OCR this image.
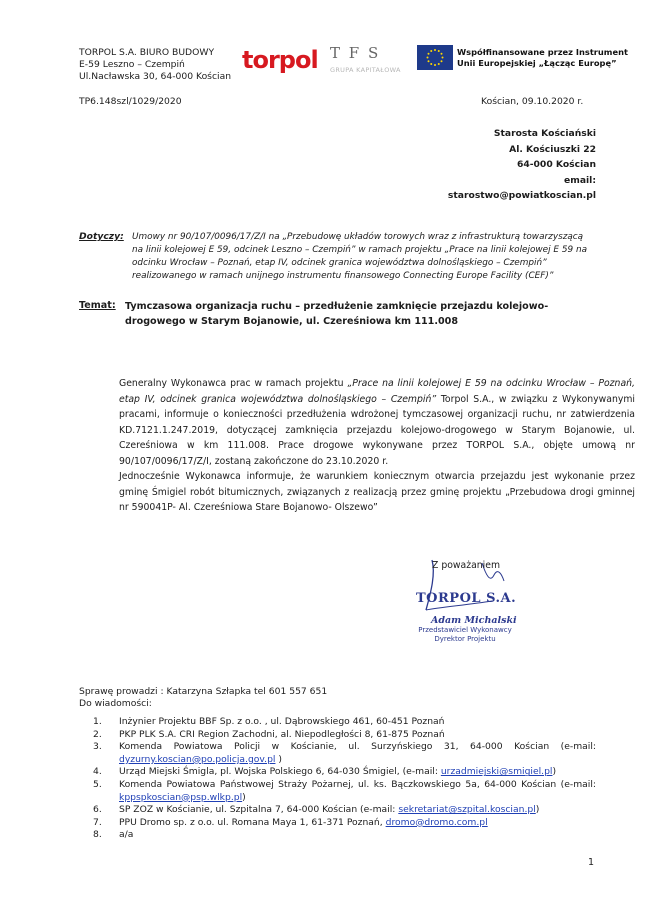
TORPOL S.A. BIURO BUDOWY
E-59 Leszno – Czempiń
Ul.Nacławska 30, 64-000 Kościan
torpol T F S
GRUPA KAPITAŁOWA
Współfinansowane przez Instrument
Unii Europejskiej „Łącząc Europę”
TP6.148szl/1029/2020	Kościan, 09.10.2020 r.
Starosta Kościański
Al. Kościuszki 22
64-000 Kościan
email: starostwo@powiatkoscian.pl
Dotyczy: Umowy nr 90/107/0096/17/Z/I na „Przebudowę układów torowych wraz z infrastrukturą towarzyszącą na linii kolejowej E 59, odcinek Leszno – Czempiń” w ramach projektu „Prace na linii kolejowej E 59 na odcinku Wrocław – Poznań, etap IV, odcinek granica województwa dolnośląskiego – Czempiń” realizowanego w ramach unijnego instrumentu finansowego Connecting Europe Facility (CEF)”
Temat: Tymczasowa organizacja ruchu – przedłużenie zamknięcie przejazdu kolejowo-drogowego w Starym Bojanowie, ul. Czereśniowa km 111.008
Generalny Wykonawca prac w ramach projektu „Prace na linii kolejowej E 59 na odcinku Wrocław – Poznań, etap IV, odcinek granica województwa dolnośląskiego – Czempiń” Torpol S.A., w związku z Wykonywanymi pracami, informuje o konieczności przedłużenia wdrożonej tymczasowej organizacji ruchu, nr zatwierdzenia KD.7121.1.247.2019, dotyczącej zamknięcia przejazdu kolejowo-drogowego w Starym Bojanowie, ul. Czereśniowa w km 111.008. Prace drogowe wykonywane przez TORPOL S.A., objęte umową nr 90/107/0096/17/Z/I, zostaną zakończone do 23.10.2020 r.
Jednocześnie Wykonawca informuje, że warunkiem koniecznym otwarcia przejazdu jest wykonanie przez gminę Śmigiel robót bitumicznych, związanych z realizacją przez gminę projektu „Przebudowa drogi gminnej nr 590041P- Al. Czereśniowa Stare Bojanowo- Olszewo”
Z poważaniem
TORPOL S.A.
Adam Michalski
Przedstawiciel Wykonawcy
Dyrektor Projektu
Sprawę prowadzi : Katarzyna Szłapka tel 601 557 651
Do wiadomości:
1.	Inżynier Projektu BBF Sp. z o.o. , ul. Dąbrowskiego 461, 60-451 Poznań
2.	PKP PLK S.A. CRI Region Zachodni, al. Niepodległości 8, 61-875 Poznań
3.	Komenda Powiatowa Policji w Kościanie, ul. Surzyńskiego 31, 64-000 Kościan (e-mail: dyzurny.koscian@po.policja.gov.pl )
4.	Urząd Miejski Śmigla, pl. Wojska Polskiego 6, 64-030 Śmigiel, (e-mail: urzadmiejski@smigiel.pl)
5.	Komenda Powiatowa Państwowej Straży Pożarnej, ul. ks. Bączkowskiego 5a, 64-000 Kościan (e-mail: kppspkoscian@psp.wlkp.pl)
6.	SP ZOZ w Kościanie, ul. Szpitalna 7, 64-000 Kościan (e-mail: sekretariat@szpital.koscian.pl)
7.	PPU Dromo sp. z o.o. ul. Romana Maya 1, 61-371 Poznań, dromo@dromo.com.pl
8.	a/a
1
